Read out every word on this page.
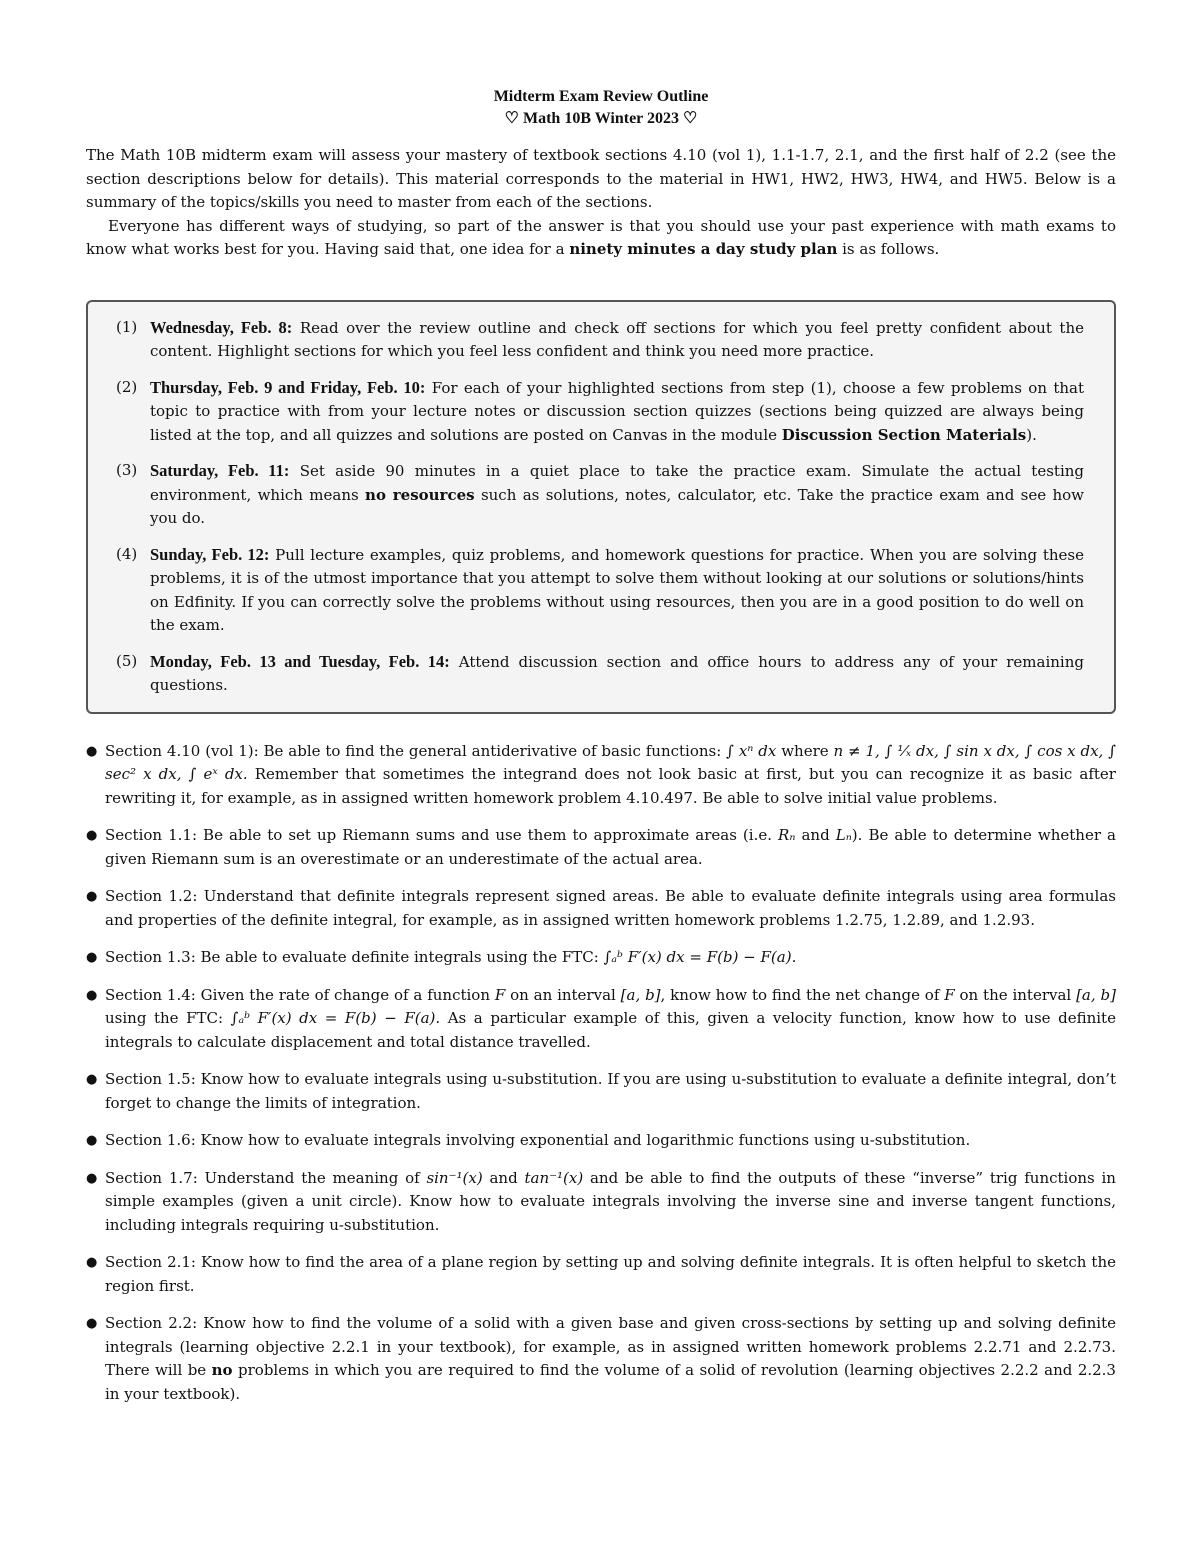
Midterm Exam Review Outline
♡ Math 10B Winter 2023 ♡

The Math 10B midterm exam will assess your mastery of textbook sections 4.10 (vol 1), 1.1-1.7, 2.1, and the first half of 2.2 (see the section descriptions below for details). This material corresponds to the material in HW1, HW2, HW3, HW4, and HW5. Below is a summary of the topics/skills you need to master from each of the sections.

Everyone has different ways of studying, so part of the answer is that you should use your past experience with math exams to know what works best for you. Having said that, one idea for a ninety minutes a day study plan is as follows.

(1) Wednesday, Feb. 8: Read over the review outline and check off sections for which you feel pretty confident about the content. Highlight sections for which you feel less confident and think you need more practice.
(2) Thursday, Feb. 9 and Friday, Feb. 10: For each of your highlighted sections from step (1), choose a few problems on that topic to practice with from your lecture notes or discussion section quizzes (sections being quizzed are always being listed at the top, and all quizzes and solutions are posted on Canvas in the module Discussion Section Materials).
(3) Saturday, Feb. 11: Set aside 90 minutes in a quiet place to take the practice exam. Simulate the actual testing environment, which means no resources such as solutions, notes, calculator, etc. Take the practice exam and see how you do.
(4) Sunday, Feb. 12: Pull lecture examples, quiz problems, and homework questions for practice. When you are solving these problems, it is of the utmost importance that you attempt to solve them without looking at our solutions or solutions/hints on Edfinity. If you can correctly solve the problems without using resources, then you are in a good position to do well on the exam.
(5) Monday, Feb. 13 and Tuesday, Feb. 14: Attend discussion section and office hours to address any of your remaining questions.
● Section 4.10 (vol 1): Be able to find the general antiderivative of basic functions: ∫ xⁿ dx where n ≠ 1, ∫ ¹⁄ₓ dx, ∫ sin x dx, ∫ cos x dx, ∫ sec² x dx, ∫ eˣ dx. Remember that sometimes the integrand does not look basic at first, but you can recognize it as basic after rewriting it, for example, as in assigned written homework problem 4.10.497. Be able to solve initial value problems.
● Section 1.1: Be able to set up Riemann sums and use them to approximate areas (i.e. Rₙ and Lₙ). Be able to determine whether a given Riemann sum is an overestimate or an underestimate of the actual area.
● Section 1.2: Understand that definite integrals represent signed areas. Be able to evaluate definite integrals using area formulas and properties of the definite integral, for example, as in assigned written homework problems 1.2.75, 1.2.89, and 1.2.93.
● Section 1.3: Be able to evaluate definite integrals using the FTC: ∫ₐᵇ F′(x) dx = F(b) − F(a).
● Section 1.4: Given the rate of change of a function F on an interval [a, b], know how to find the net change of F on the interval [a, b] using the FTC: ∫ₐᵇ F′(x) dx = F(b) − F(a). As a particular example of this, given a velocity function, know how to use definite integrals to calculate displacement and total distance travelled.
● Section 1.5: Know how to evaluate integrals using u-substitution. If you are using u-substitution to evaluate a definite integral, don’t forget to change the limits of integration.
● Section 1.6: Know how to evaluate integrals involving exponential and logarithmic functions using u-substitution.
● Section 1.7: Understand the meaning of sin⁻¹(x) and tan⁻¹(x) and be able to find the outputs of these “inverse” trig functions in simple examples (given a unit circle). Know how to evaluate integrals involving the inverse sine and inverse tangent functions, including integrals requiring u-substitution.
● Section 2.1: Know how to find the area of a plane region by setting up and solving definite integrals. It is often helpful to sketch the region first.
● Section 2.2: Know how to find the volume of a solid with a given base and given cross-sections by setting up and solving definite integrals (learning objective 2.2.1 in your textbook), for example, as in assigned written homework problems 2.2.71 and 2.2.73. There will be no problems in which you are required to find the volume of a solid of revolution (learning objectives 2.2.2 and 2.2.3 in your textbook).
